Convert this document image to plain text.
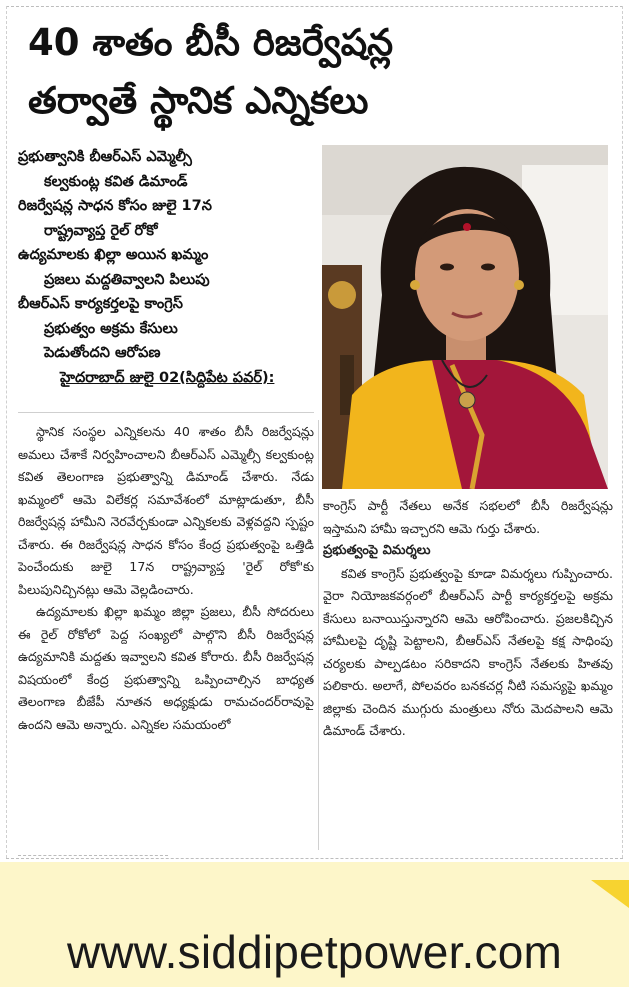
40 శాతం బీసీ రిజర్వేషన్ల
తర్వాతే స్థానిక ఎన్నికలు
ప్రభుత్వానికి బీఆర్ఎస్ ఎమ్మెల్సీ
కల్వకుంట్ల కవిత డిమాండ్
రిజర్వేషన్ల సాధన కోసం జులై 17న
రాష్ట్రవ్యాప్త రైల్ రోకో
ఉద్యమాలకు ఖిల్లా అయిన ఖమ్మం
ప్రజలు మద్దతివ్వాలని పిలుపు
బీఆర్ఎస్ కార్యకర్తలపై కాంగ్రెస్
ప్రభుత్వం అక్రమ కేసులు
పెడుతోందని ఆరోపణ
హైదరాబాద్ జులై 02(సిద్దిపేట పవర్):

స్థానిక సంస్థల ఎన్నికలను 40 శాతం బీసీ రిజర్వేషన్లు అమలు చేశాకే నిర్వహించాలని బీఆర్ఎస్ ఎమ్మెల్సీ కల్వకుంట్ల కవిత తెలంగాణ ప్రభుత్వాన్ని డిమాండ్ చేశారు. నేడు ఖమ్మంలో ఆమె విలేకర్ల సమావేశంలో మాట్లాడుతూ, బీసీ రిజర్వేషన్ల హామీని నెరవేర్చకుండా ఎన్నికలకు వెళ్లవద్దని స్పష్టం చేశారు. ఈ రిజర్వేషన్ల సాధన కోసం కేంద్ర ప్రభుత్వంపై ఒత్తిడి పెంచేందుకు జులై 17న రాష్ట్రవ్యాప్త 'రైల్ రోకో'కు పిలుపునిచ్చినట్లు ఆమె వెల్లడించారు.

ఉద్యమాలకు ఖిల్లా ఖమ్మం జిల్లా ప్రజలు, బీసీ సోదరులు ఈ రైల్ రోకోలో పెద్ద సంఖ్యలో పాల్గొని బీసీ రిజర్వేషన్ల ఉద్యమానికి మద్దతు ఇవ్వాలని కవిత కోరారు. బీసీ రిజర్వేషన్ల విషయంలో కేంద్ర ప్రభుత్వాన్ని ఒప్పించాల్సిన బాధ్యత తెలంగాణ బీజేపీ నూతన అధ్యక్షుడు రామచందర్‌రావుపై ఉందని ఆమె అన్నారు. ఎన్నికల సమయంలో

కాంగ్రెస్ పార్టీ నేతలు అనేక సభలలో బీసీ రిజర్వేషన్లు ఇస్తామని హామీ ఇచ్చారని ఆమె గుర్తు చేశారు.

ప్రభుత్వంపై విమర్శలు

కవిత కాంగ్రెస్ ప్రభుత్వంపై కూడా విమర్శలు గుప్పించారు. వైరా నియోజకవర్గంలో బీఆర్ఎస్ పార్టీ కార్యకర్తలపై అక్రమ కేసులు బనాయిస్తున్నారని ఆమె ఆరోపించారు. ప్రజలకిచ్చిన హామీలపై దృష్టి పెట్టాలని, బీఆర్ఎస్ నేతలపై కక్ష సాధింపు చర్యలకు పాల్పడటం సరికాదని కాంగ్రెస్ నేతలకు హితవు పలికారు. అలాగే, పోలవరం బనకచర్ల నీటి సమస్యపై ఖమ్మం జిల్లాకు చెందిన ముగ్గురు మంత్రులు నోరు మెదపాలని ఆమె డిమాండ్ చేశారు.

www.siddipetpower.com
